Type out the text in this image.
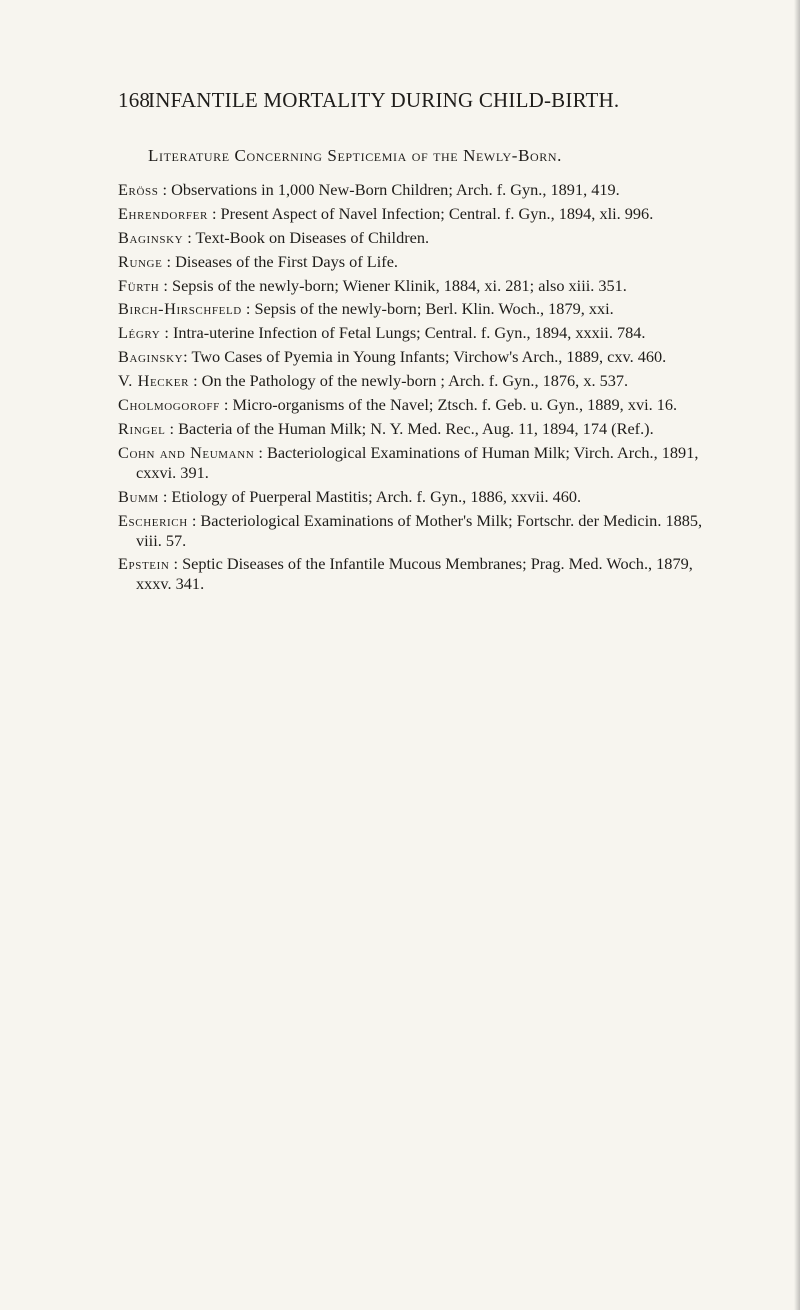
168
INFANTILE MORTALITY DURING CHILD-BIRTH.
Literature Concerning Septicemia of the Newly-Born.
Eröss : Observations in 1,000 New-Born Children; Arch. f. Gyn., 1891, 419.
Ehrendorfer : Present Aspect of Navel Infection; Central. f. Gyn., 1894, xli. 996.
Baginsky : Text-Book on Diseases of Children.
Runge : Diseases of the First Days of Life.
Fürth : Sepsis of the newly-born; Wiener Klinik, 1884, xi. 281; also xiii. 351.
Birch-Hirschfeld : Sepsis of the newly-born; Berl. Klin. Woch., 1879, xxi.
Légry : Intra-uterine Infection of Fetal Lungs; Central. f. Gyn., 1894, xxxii. 784.
Baginsky: Two Cases of Pyemia in Young Infants; Virchow's Arch., 1889, cxv. 460.
V. Hecker : On the Pathology of the newly-born ; Arch. f. Gyn., 1876, x. 537.
Cholmogoroff : Micro-organisms of the Navel; Ztsch. f. Geb. u. Gyn., 1889, xvi. 16.
Ringel : Bacteria of the Human Milk; N. Y. Med. Rec., Aug. 11, 1894, 174 (Ref.).
Cohn and Neumann : Bacteriological Examinations of Human Milk; Virch. Arch., 1891, cxxvi. 391.
Bumm : Etiology of Puerperal Mastitis; Arch. f. Gyn., 1886, xxvii. 460.
Escherich : Bacteriological Examinations of Mother's Milk; Fortschr. der Medicin. 1885, viii. 57.
Epstein : Septic Diseases of the Infantile Mucous Membranes; Prag. Med. Woch., 1879, xxxv. 341.
